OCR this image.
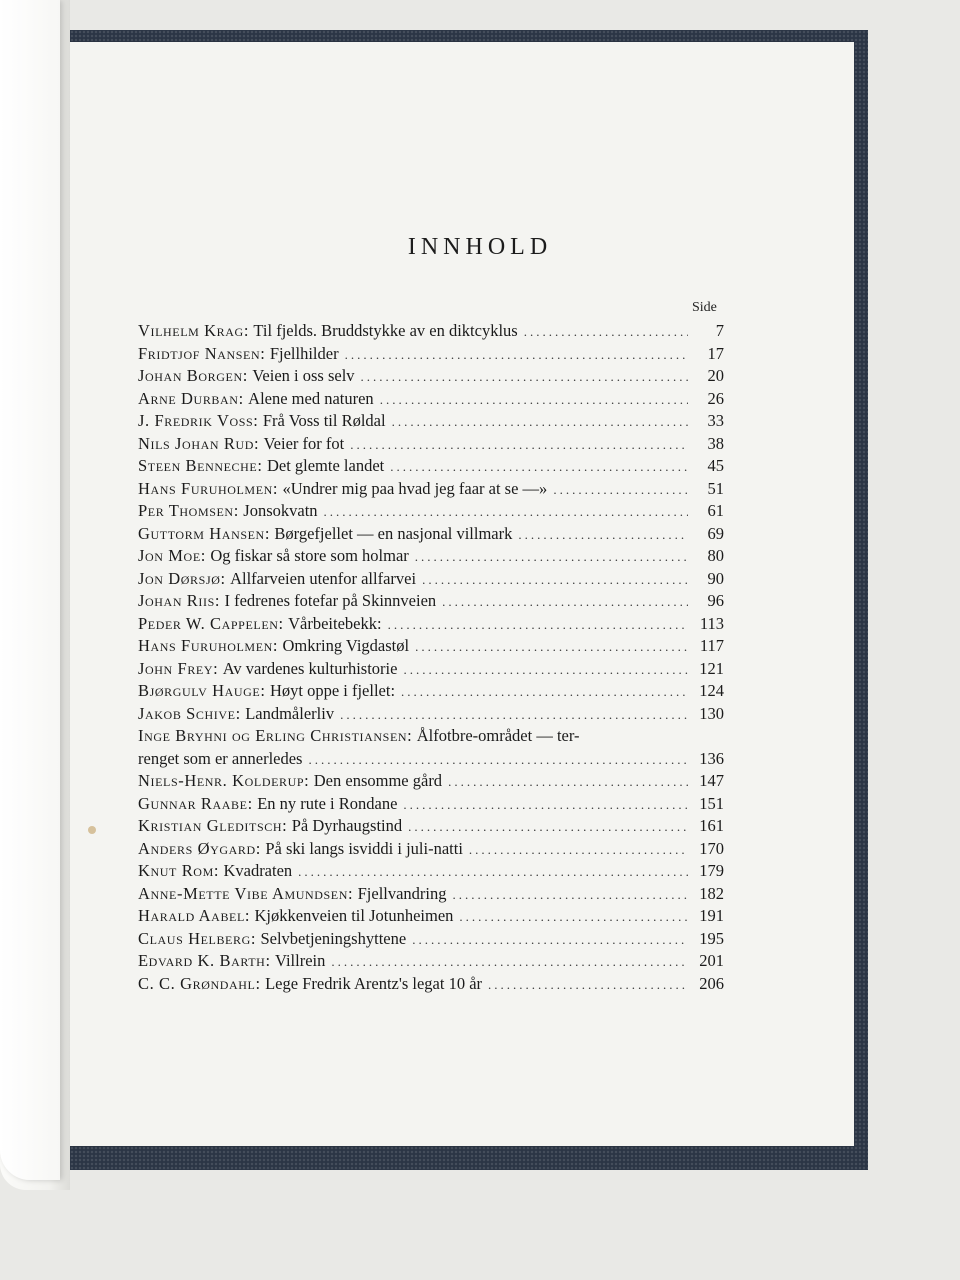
INNHOLD
Side
Vilhelm Krag : Til fjelds. Bruddstykke av en diktcyklus .....	7
Fridtjof Nansen : Fjellhilder .....	17
Johan Borgen : Veien i oss selv .....	20
Arne Durban : Alene med naturen .....	26
J. Fredrik Voss : Frå Voss til Røldal .....	33
Nils Johan Rud : Veier for fot .....	38
Steen Benneche : Det glemte landet .....	45
Hans Furuholmen : «Undrer mig paa hvad jeg faar at se —» .....	51
Per Thomsen : Jonsokvatn .....	61
Guttorm Hansen : Børgefjellet — en nasjonal villmark .....	69
Jon Moe : Og fiskar så store som holmar .....	80
Jon Dørsjø : Allfarveien utenfor allfarvei .....	90
Johan Riis : I fedrenes fotefar på Skinnveien .....	96
Peder W. Cappelen : Vårbeitebekk: .....	113
Hans Furuholmen : Omkring Vigdastøl .....	117
John Frey : Av vardenes kulturhistorie .....	121
Bjørgulv Hauge : Høyt oppe i fjellet: .....	124
Jakob Schive : Landmålerliv .....	130
Inge Bryhni og Erling Christiansen : Ålfotbre-området — ter-
renget som er annerledes .....	136
Niels-Henr. Kolderup : Den ensomme gård .....	147
Gunnar Raabe : En ny rute i Rondane .....	151
Kristian Gleditsch : På Dyrhaugstind .....	161
Anders Øygard : På ski langs isviddi i juli-natti .....	170
Knut Rom : Kvadraten .....	179
Anne-Mette Vibe Amundsen : Fjellvandring .....	182
Harald Aabel : Kjøkkenveien til Jotunheimen .....	191
Claus Helberg : Selvbetjeningshyttene .....	195
Edvard K. Barth : Villrein .....	201
C. C. Grøndahl : Lege Fredrik Arentz's legat 10 år .....	206
